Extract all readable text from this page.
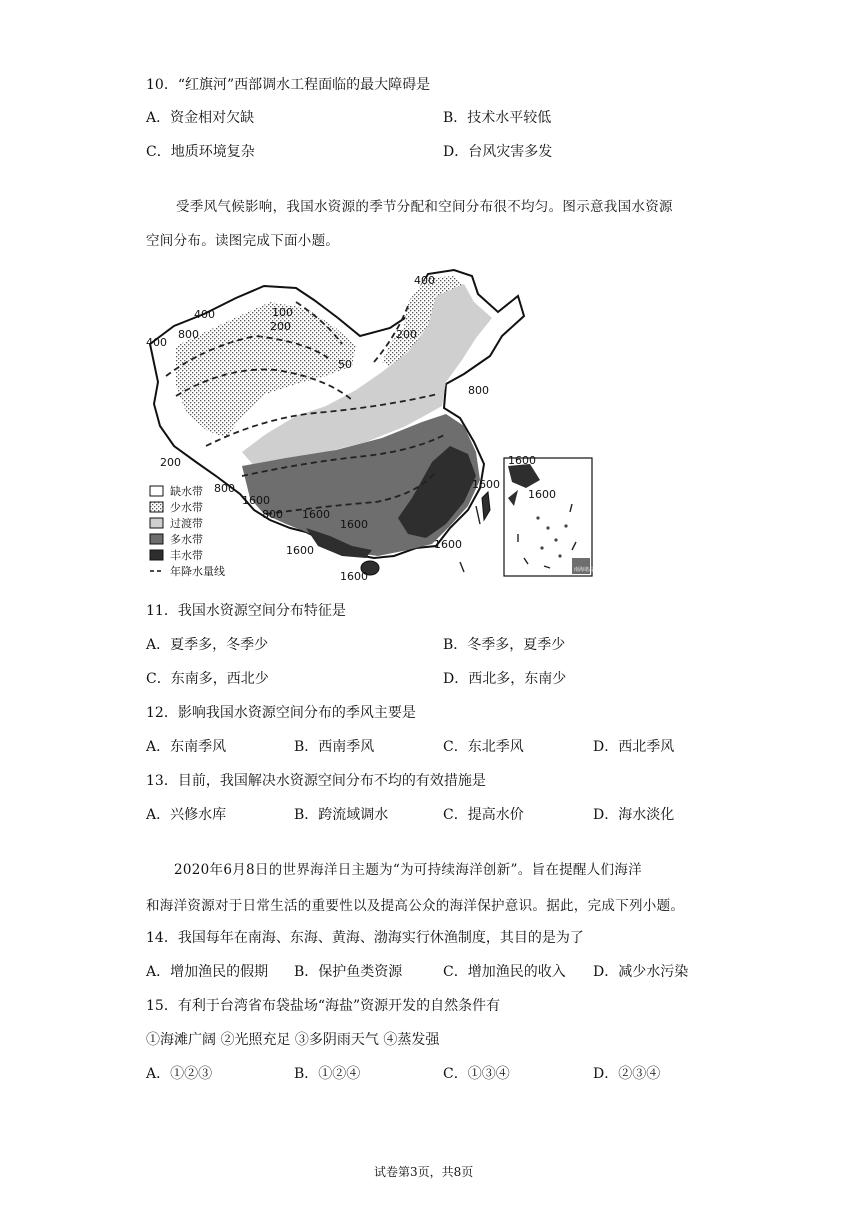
10．“红旗河”西部调水工程面临的最大障碍是
A．资金相对欠缺	B．技术水平较低
C．地质环境复杂	D．台风灾害多发
受季风气候影响，我国水资源的季节分配和空间分布很不均匀。图示意我国水资源
空间分布。读图完成下面小题。
400
400	100
200
800
400
200
50
800
200
800
1600
800
1600
1600
1600	1600
1600
1600
1600
1600
南海诸岛
缺水带
少水带
过渡带
多水带
丰水带
年降水量线
11．我国水资源空间分布特征是
A．夏季多，冬季少	B．冬季多，夏季少
C．东南多，西北少	D．西北多，东南少
12．影响我国水资源空间分布的季风主要是
A．东南季风	B．西南季风	C．东北季风	D．西北季风
13．目前，我国解决水资源空间分布不均的有效措施是
A．兴修水库	B．跨流域调水	C．提高水价	D．海水淡化
2020年6月8日的世界海洋日主题为“为可持续海洋创新”。旨在提醒人们海洋
和海洋资源对于日常生活的重要性以及提高公众的海洋保护意识。据此，完成下列小题。
14．我国每年在南海、东海、黄海、渤海实行休渔制度，其目的是为了
A．增加渔民的假期 B．保护鱼类资源	C．增加渔民的收入 D．减少水污染
15．有利于台湾省布袋盐场“海盐”资源开发的自然条件有
①海滩广阔 ②光照充足 ③多阴雨天气 ④蒸发强
A．①②③	B．①②④	C．①③④	D．②③④
试卷第3页，共8页
